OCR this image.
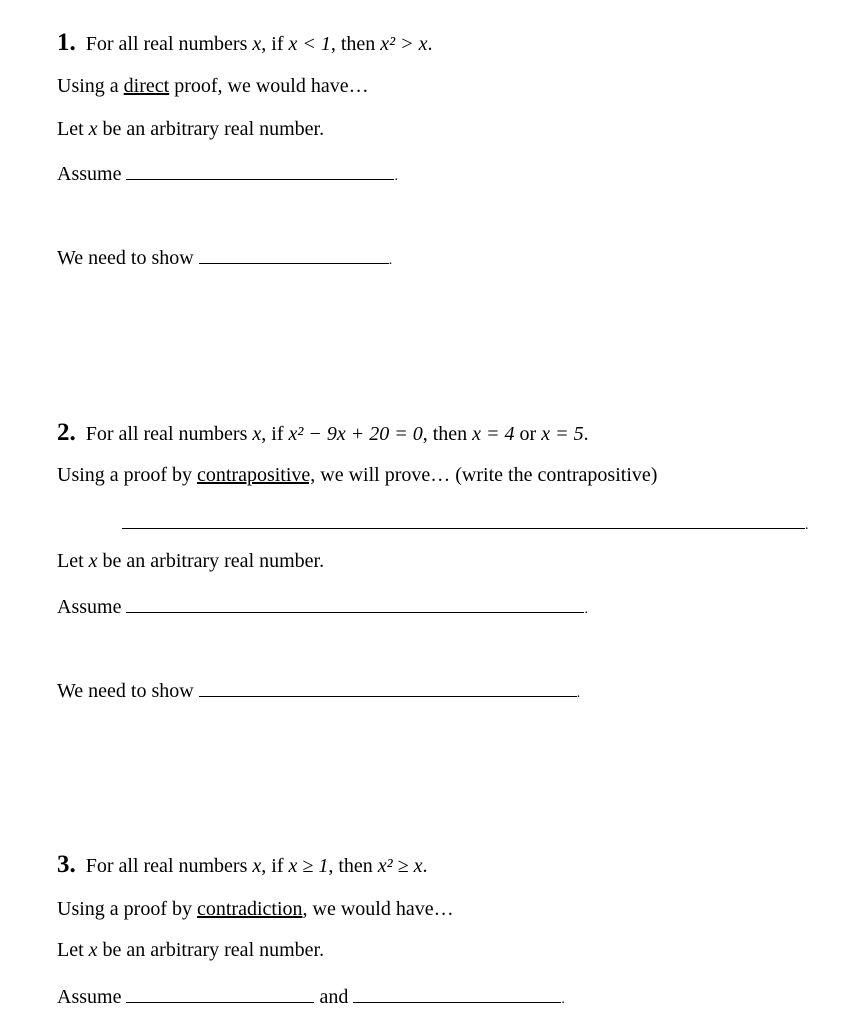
1. For all real numbers x, if x < 1, then x² > x.
Using a direct proof, we would have…
Let x be an arbitrary real number.
Assume	.
We need to show	.
2. For all real numbers x, if x² − 9x + 20 = 0, then x = 4 or x = 5.
Using a proof by contrapositive, we will prove… (write the contrapositive)
.
Let x be an arbitrary real number.
Assume	.
We need to show	.
3. For all real numbers x, if x ≥ 1, then x² ≥ x.
Using a proof by contradiction, we would have…
Let x be an arbitrary real number.
Assume	and	.
